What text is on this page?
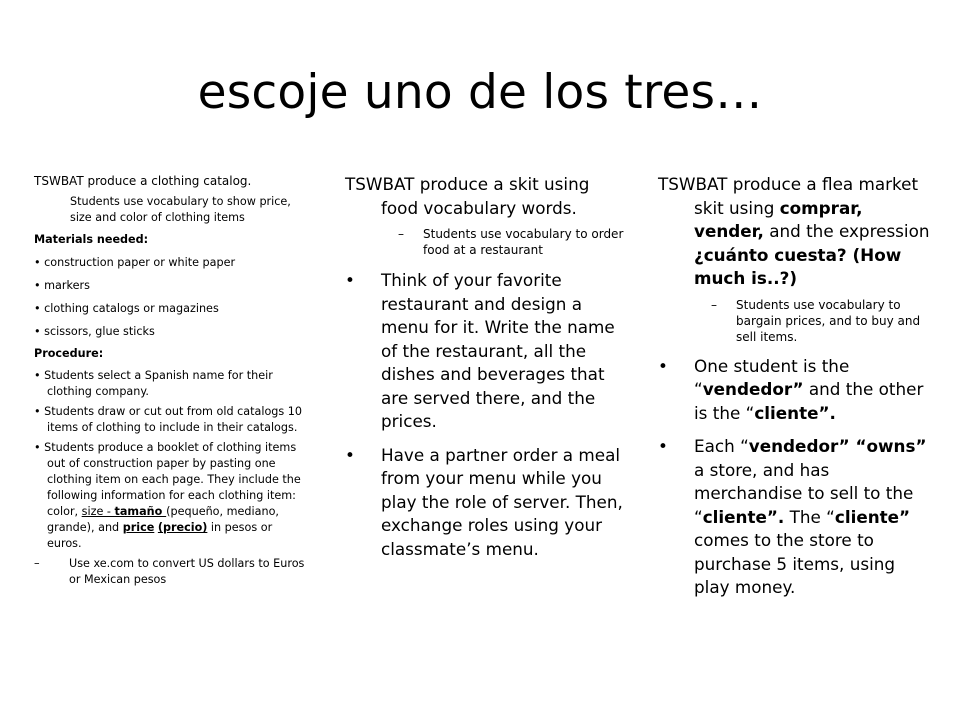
escoje uno de los tres…

TSWBAT produce a clothing catalog.

Students use vocabulary to show price, size and color of clothing items

Materials needed:

• construction paper or white paper

• markers

• clothing catalogs or magazines

• scissors, glue sticks

Procedure:

• Students select a Spanish name for their clothing company.

• Students draw or cut out from old catalogs 10 items of clothing to include in their catalogs.

• Students produce a booklet of clothing items out of construction paper by pasting one clothing item on each page. They include the following information for each clothing item: color, size - tamaño (pequeño, mediano, grande), and price (precio) in pesos or euros.

–	Use xe.com to convert US dollars to Euros or Mexican pesos

TSWBAT produce a skit using food vocabulary words.

– Students use vocabulary to order food at a restaurant

• Think of your favorite restaurant and design a menu for it. Write the name of the restaurant, all the dishes and beverages that are served there, and the prices.

• Have a partner order a meal from your menu while you play the role of server. Then, exchange roles using your classmate’s menu.

TSWBAT produce a flea market skit using comprar, vender, and the expression ¿cuánto cuesta? (How much is..?)

– Students use vocabulary to bargain prices, and to buy and sell items.

• One student is the “vendedor” and the other is the “cliente”.

• Each “vendedor” “owns” a store, and has merchandise to sell to the “cliente”. The “cliente” comes to the store to purchase 5 items, using play money.
